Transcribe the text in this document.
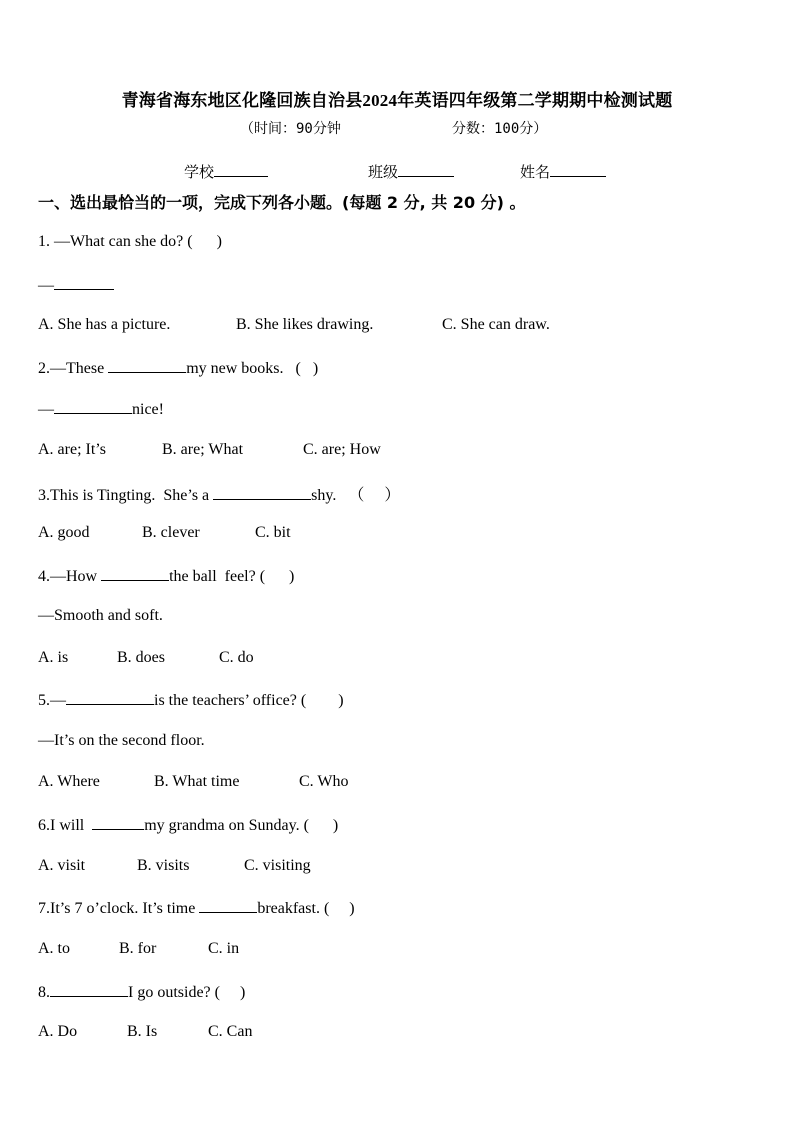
青海省海东地区化隆回族自治县2024年英语四年级第二学期期中检测试题
（时间：90分钟	分数：100分）
学校	班级	姓名
一、选出最恰当的一项，完成下列各小题。(每题 2 分, 共 20 分) 。
1. —What can she do? (      )
—
A. She has a picture.	B. She likes drawing.	C. She can draw.
2.—These	my new books.   (   )
—	nice!
A. are; It’s	B. are; What	C. are; How
3.This is Tingting.  She’s a	shy.   （     ）
A. good	B. clever	C. bit
4.—How	the ball  feel? (      )
—Smooth and soft.
A. is	B. does	C. do
5.—	is the teachers’ office? (        )
—It’s on the second floor.
A. Where	B. What time	C. Who
6.I will	my grandma on Sunday. (      )
A. visit	B. visits	C. visiting
7.It’s 7 o’clock. It’s time	breakfast. (     )
A. to	B. for	C. in
8.	I go outside? (     )
A. Do	B. Is	C. Can
